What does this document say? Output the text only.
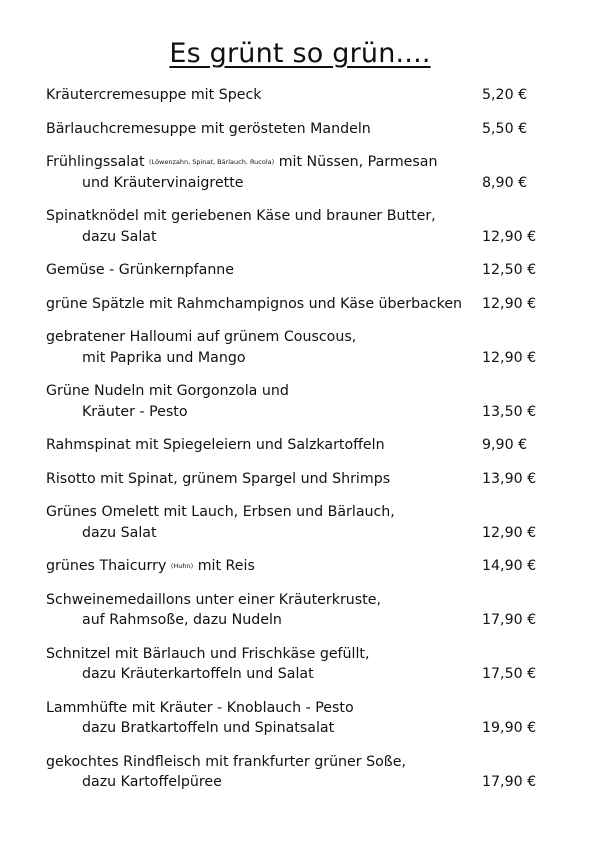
Es grünt so grün....
Kräutercremesuppe mit Speck	5,20 €
Bärlauchcremesuppe mit gerösteten Mandeln	5,50 €
Frühlingssalat (Löwenzahn, Spinat, Bärlauch, Rucola) mit Nüssen, Parmesan
und Kräutervinaigrette	8,90 €
Spinatknödel mit geriebenen Käse und brauner Butter,
dazu Salat	12,90 €
Gemüse - Grünkernpfanne	12,50 €
grüne Spätzle mit Rahmchampignos und Käse überbacken	12,90 €
gebratener Halloumi auf grünem Couscous,
mit Paprika und Mango	12,90 €
Grüne Nudeln mit Gorgonzola und
Kräuter - Pesto	13,50 €
Rahmspinat mit Spiegeleiern und Salzkartoffeln	9,90 €
Risotto mit Spinat, grünem Spargel und Shrimps	13,90 €
Grünes Omelett mit Lauch, Erbsen und Bärlauch,
dazu Salat	12,90 €
grünes Thaicurry (Huhn) mit Reis	14,90 €
Schweinemedaillons unter einer Kräuterkruste,
auf Rahmsoße, dazu Nudeln	17,90 €
Schnitzel mit Bärlauch und Frischkäse gefüllt,
dazu Kräuterkartoffeln und Salat	17,50 €
Lammhüfte mit Kräuter - Knoblauch - Pesto
dazu Bratkartoffeln und Spinatsalat	19,90 €
gekochtes Rindfleisch mit frankfurter grüner Soße,
dazu Kartoffelpüree	17,90 €
